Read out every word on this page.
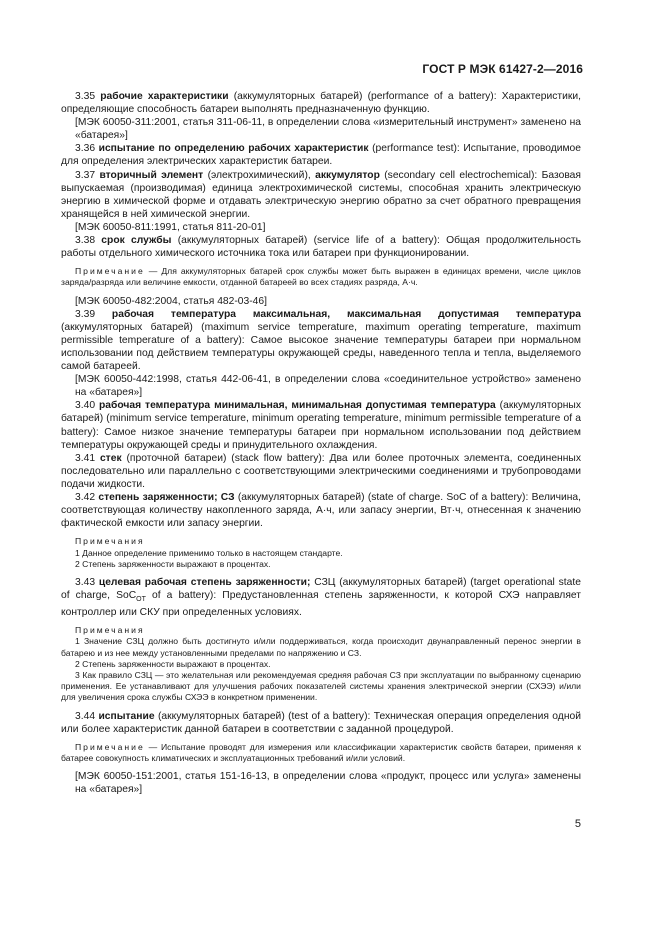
ГОСТ Р МЭК 61427-2—2016

3.35 рабочие характеристики (аккумуляторных батарей) (performance of a battery): Характеристики, определяющие способность батареи выполнять предназначенную функцию.

[МЭК 60050-311:2001, статья 311-06-11, в определении слова «измерительный инструмент» заменено на «батарея»]

3.36 испытание по определению рабочих характеристик (performance test): Испытание, проводимое для определения электрических характеристик батареи.

3.37 вторичный элемент (электрохимический), аккумулятор (secondary cell electrochemical): Базовая выпускаемая (производимая) единица электрохимической системы, способная хранить электрическую энергию в химической форме и отдавать электрическую энергию обратно за счет обратного превращения хранящейся в ней химической энергии.

[МЭК 60050-811:1991, статья 811-20-01]

3.38 срок службы (аккумуляторных батарей) (service life of a battery): Общая продолжительность работы отдельного химического источника тока или батареи при функционировании.

Примечание — Для аккумуляторных батарей срок службы может быть выражен в единицах времени, числе циклов заряда/разряда или величине емкости, отданной батареей во всех стадиях разряда, А·ч.

[МЭК 60050-482:2004, статья 482-03-46]

3.39 рабочая температура максимальная, максимальная допустимая температура (аккумуляторных батарей) (maximum service temperature, maximum operating temperature, maximum permissible temperature of a battery): Самое высокое значение температуры батареи при нормальном использовании под действием температуры окружающей среды, наведенного тепла и тепла, выделяемого самой батареей.

[МЭК 60050-442:1998, статья 442-06-41, в определении слова «соединительное устройство» заменено на «батарея»]

3.40 рабочая температура минимальная, минимальная допустимая температура (аккумуляторных батарей) (minimum service temperature, minimum operating temperature, minimum permissible temperature of a battery): Самое низкое значение температуры батареи при нормальном использовании под действием температуры окружающей среды и принудительного охлаждения.

3.41 стек (проточной батареи) (stack flow battery): Два или более проточных элемента, соединенных последовательно или параллельно с соответствующими электрическими соединениями и трубопроводами подачи жидкости.

3.42 степень заряженности; СЗ (аккумуляторных батарей) (state of charge. SoC of a battery): Величина, соответствующая количеству накопленного заряда, А·ч, или запасу энергии, Вт·ч, отнесенная к значению фактической емкости или запасу энергии.

Примечания

1 Данное определение применимо только в настоящем стандарте.

2 Степень заряженности выражают в процентах.

3.43 целевая рабочая степень заряженности; СЗЦ (аккумуляторных батарей) (target operational state of charge, SoC$_{OT}$ of a battery): Предустановленная степень заряженности, к которой СХЭ направляет контроллер или СКУ при определенных условиях.

Примечания

1 Значение СЗЦ должно быть достигнуто и/или поддерживаться, когда происходит двунаправленный перенос энергии в батарею и из нее между установленными пределами по напряжению и СЗ.

2 Степень заряженности выражают в процентах.

3 Как правило СЗЦ — это желательная или рекомендуемая средняя рабочая СЗ при эксплуатации по выбранному сценарию применения. Ее устанавливают для улучшения рабочих показателей системы хранения электрической энергии (СХЭЭ) и/или для увеличения срока службы СХЭЭ в конкретном применении.

3.44 испытание (аккумуляторных батарей) (test of a battery): Техническая операция определения одной или более характеристик данной батареи в соответствии с заданной процедурой.

Примечание — Испытание проводят для измерения или классификации характеристик свойств батареи, применяя к батарее совокупность климатических и эксплуатационных требований и/или условий.

[МЭК 60050-151:2001, статья 151-16-13, в определении слова «продукт, процесс или услуга» заменены на «батарея»]

5
